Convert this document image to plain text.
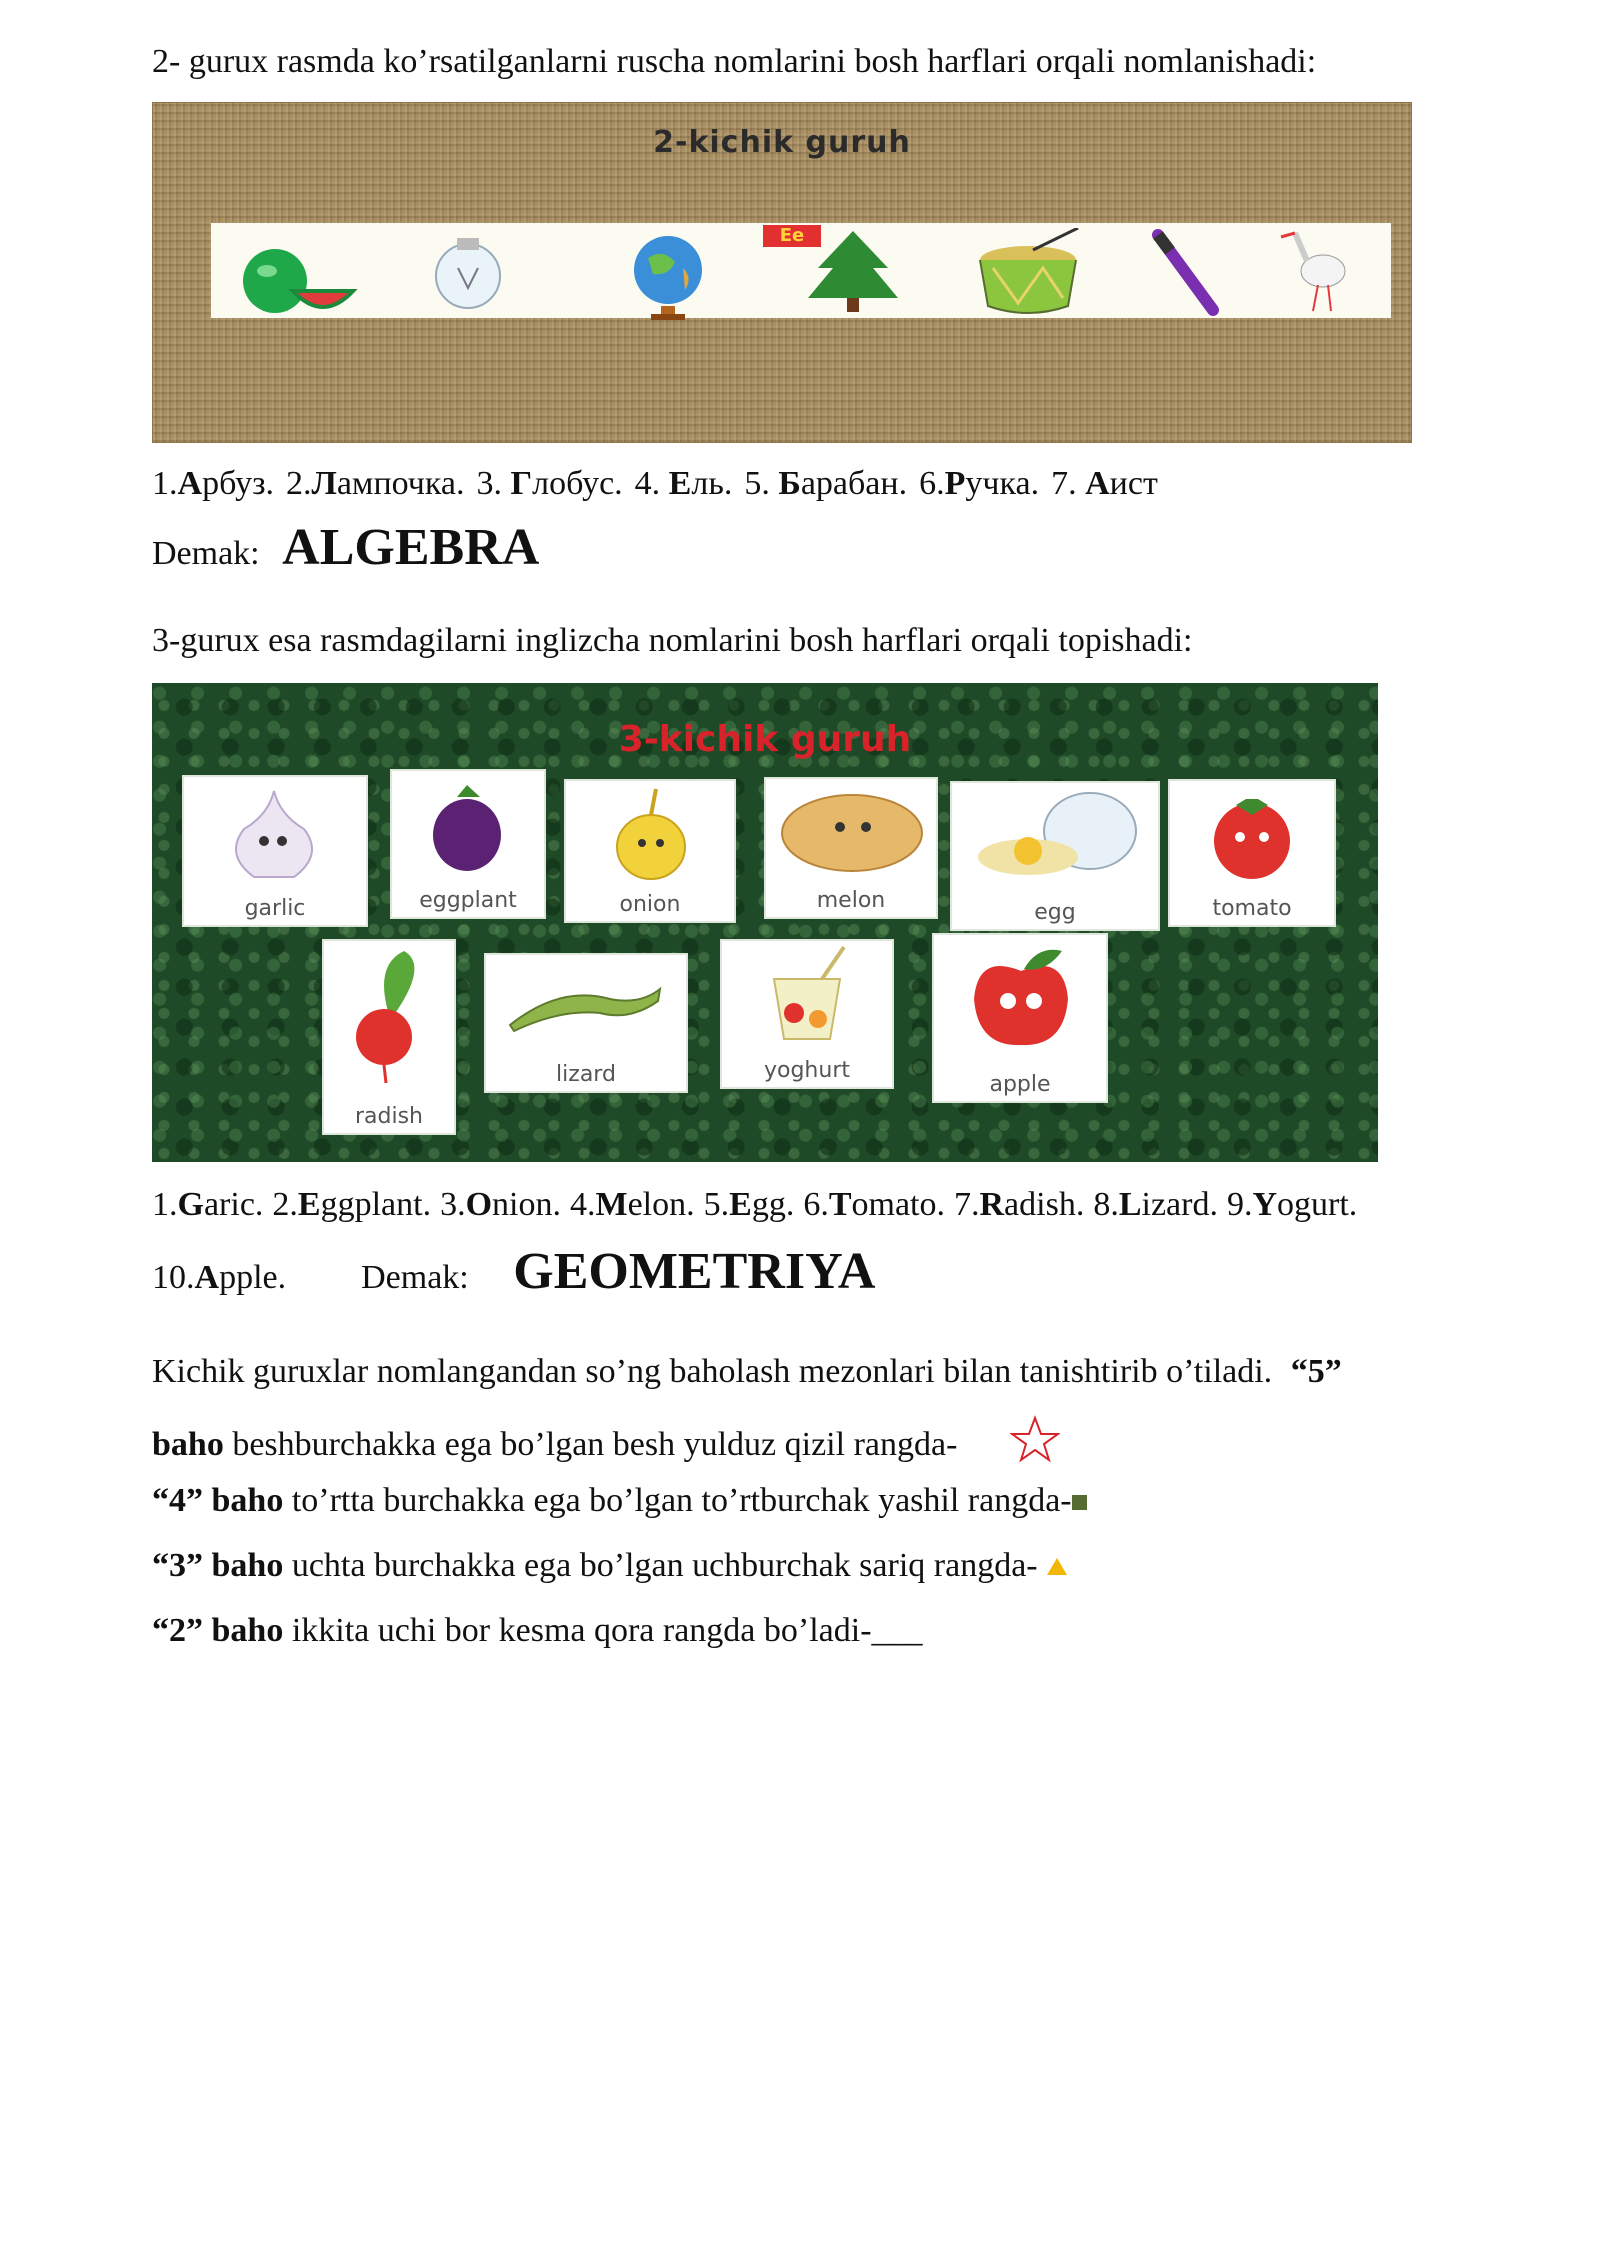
2- gurux rasmda ko’rsatilganlarni ruscha nomlarini bosh harflari orqali nomlanishadi:
2-kichik guruh
Ee
1.Арбуз. 2.Лампочка. 3. Глобус. 4. Ель. 5. Барабан. 6.Ручка. 7. Аист
Demak: ALGEBRA
3-gurux esa rasmdagilarni inglizcha nomlarini bosh harflari orqali topishadi:
3-kichik guruh
garlic	eggplant	onion	melon	egg	tomato
radish
lizard	yoghurt
apple
1.Garic. 2.Eggplant. 3.Onion. 4.Melon. 5.Egg. 6.Tomato. 7.Radish. 8.Lizard. 9.Yogurt.
10.Apple. Demak: GEOMETRIYA
Kichik guruxlar nomlangandan so’ng baholash mezonlari bilan tanishtirib o’tiladi. “5”
baho beshburchakka ega bo’lgan besh yulduz qizil rangda-
“4” baho to’rtta burchakka ega bo’lgan to’rtburchak yashil rangda-
“3” baho uchta burchakka ega bo’lgan uchburchak sariq rangda-
“2” baho ikkita uchi bor kesma qora rangda bo’ladi-___
